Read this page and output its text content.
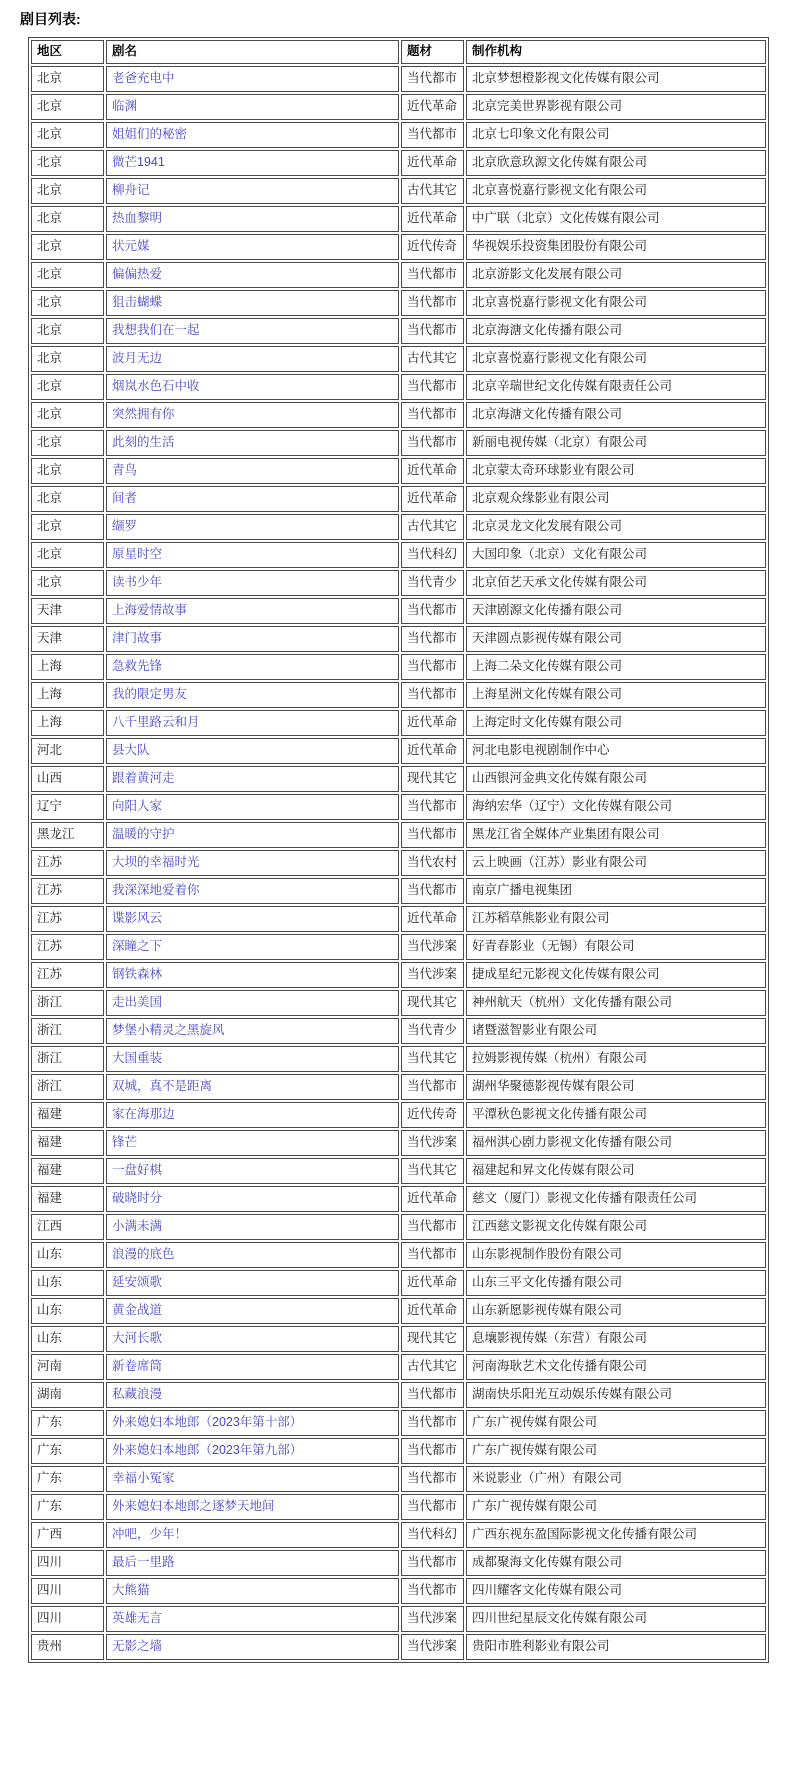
剧目列表:
地区	剧名	题材	制作机构
北京	老爸充电中	当代都市	北京梦想橙影视文化传媒有限公司
北京	临渊	近代革命	北京完美世界影视有限公司
北京	姐姐们的秘密	当代都市	北京七印象文化有限公司
北京	微芒1941	近代革命	北京欣意玖源文化传媒有限公司
北京	柳舟记	古代其它	北京喜悦嘉行影视文化有限公司
北京	热血黎明	近代革命	中广联（北京）文化传媒有限公司
北京	状元媒	近代传奇	华视娱乐投资集团股份有限公司
北京	偏偏热爱	当代都市	北京游影文化发展有限公司
北京	狙击蝴蝶	当代都市	北京喜悦嘉行影视文化有限公司
北京	我想我们在一起	当代都市	北京海溏文化传播有限公司
北京	波月无边	古代其它	北京喜悦嘉行影视文化有限公司
北京	烟岚水色石中收	当代都市	北京辛瑞世纪文化传媒有限责任公司
北京	突然拥有你	当代都市	北京海溏文化传播有限公司
北京	此刻的生活	当代都市	新丽电视传媒（北京）有限公司
北京	青鸟	近代革命	北京蒙太奇环球影业有限公司
北京	间者	近代革命	北京观众缘影业有限公司
北京	缬罗	古代其它	北京灵龙文化发展有限公司
北京	原星时空	当代科幻	大国印象（北京）文化有限公司
北京	读书少年	当代青少	北京佰艺天承文化传媒有限公司
天津	上海爱情故事	当代都市	天津剧源文化传播有限公司
天津	津门故事	当代都市	天津圆点影视传媒有限公司
上海	急救先锋	当代都市	上海二朵文化传媒有限公司
上海	我的限定男友	当代都市	上海星洲文化传媒有限公司
上海	八千里路云和月	近代革命	上海定时文化传媒有限公司
河北	县大队	近代革命	河北电影电视剧制作中心
山西	跟着黄河走	现代其它	山西银河金典文化传媒有限公司
辽宁	向阳人家	当代都市	海纳宏华（辽宁）文化传媒有限公司
黑龙江	温暖的守护	当代都市	黑龙江省全媒体产业集团有限公司
江苏	大坝的幸福时光	当代农村	云上映画（江苏）影业有限公司
江苏	我深深地爱着你	当代都市	南京广播电视集团
江苏	谍影风云	近代革命	江苏稻草熊影业有限公司
江苏	深瞳之下	当代涉案	好青春影业（无锡）有限公司
江苏	钢铁森林	当代涉案	捷成星纪元影视文化传媒有限公司
浙江	走出美国	现代其它	神州航天（杭州）文化传播有限公司
浙江	梦堡小精灵之黑旋风	当代青少	诸暨滋智影业有限公司
浙江	大国重装	当代其它	拉姆影视传媒（杭州）有限公司
浙江	双城，真不是距离	当代都市	湖州华聚德影视传媒有限公司
福建	家在海那边	近代传奇	平潭秋色影视文化传播有限公司
福建	锋芒	当代涉案	福州淇心剧力影视文化传播有限公司
福建	一盘好棋	当代其它	福建起和昇文化传媒有限公司
福建	破晓时分	近代革命	慈文（厦门）影视文化传播有限责任公司
江西	小满未满	当代都市	江西慈文影视文化传媒有限公司
山东	浪漫的底色	当代都市	山东影视制作股份有限公司
山东	延安颂歌	近代革命	山东三平文化传播有限公司
山东	黄金战道	近代革命	山东新愿影视传媒有限公司
山东	大河长歌	现代其它	息壤影视传媒（东营）有限公司
河南	新卷席筒	古代其它	河南海耿艺术文化传播有限公司
湖南	私藏浪漫	当代都市	湖南快乐阳光互动娱乐传媒有限公司
广东	外来媳妇本地郎（2023年第十部）	当代都市	广东广视传媒有限公司
广东	外来媳妇本地郎（2023年第九部）	当代都市	广东广视传媒有限公司
广东	幸福小冤家	当代都市	米说影业（广州）有限公司
广东	外来媳妇本地郎之逐梦天地间	当代都市	广东广视传媒有限公司
广西	冲吧，少年！	当代科幻	广西东视东盈国际影视文化传播有限公司
四川	最后一里路	当代都市	成都聚海文化传媒有限公司
四川	大熊猫	当代都市	四川耀客文化传媒有限公司
四川	英雄无言	当代涉案	四川世纪星辰文化传媒有限公司
贵州	无影之墙	当代涉案	贵阳市胜利影业有限公司
